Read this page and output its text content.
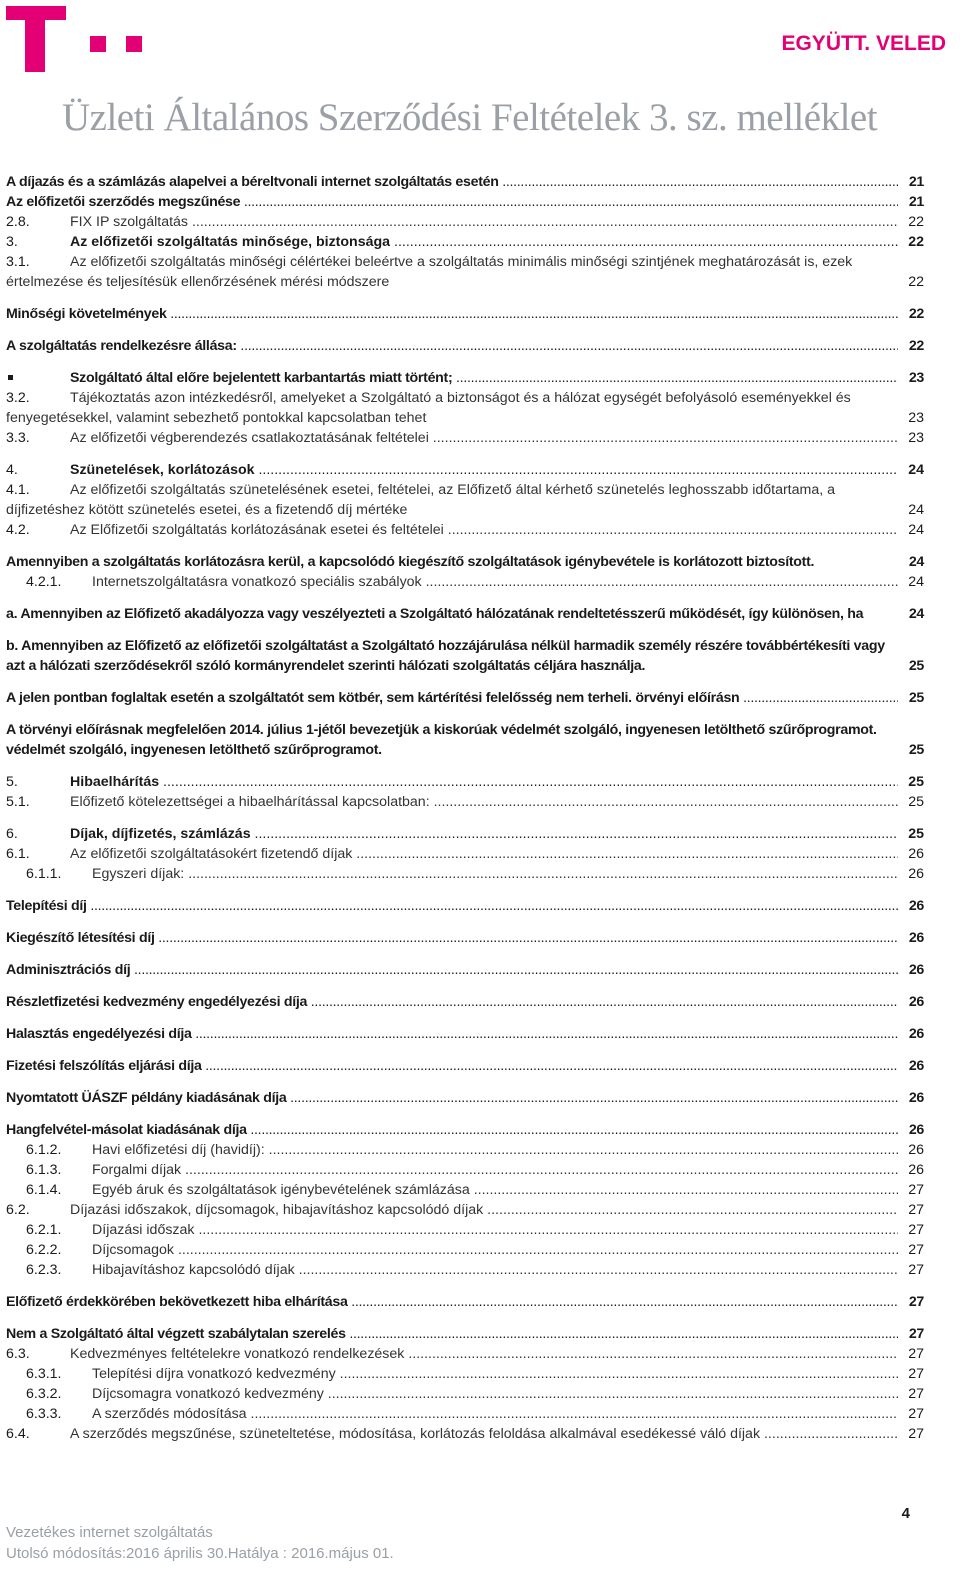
EGYÜTT. VELED
Üzleti Általános Szerződési Feltételek 3. sz. melléklet
A díjazás és a számlázás alapelvei a béreltvonali internet szolgáltatás esetén .....	21
Az előfizetői szerződés megszűnése .....	21
2.8.	FIX IP szolgáltatás .....	22
3.	Az előfizetői szolgáltatás minősége, biztonsága .....	22
3.1.	Az előfizetői szolgáltatás minőségi célértékei beleértve a szolgáltatás minimális minőségi szintjének meghatározását is, ezek értelmezése és teljesítésük ellenőrzésének mérési módszere	22
Minőségi követelmények .....	22
A szolgáltatás rendelkezésre állása: .....	22
Szolgáltató által előre bejelentett karbantartás miatt történt; .....	23
3.2.	Tájékoztatás azon intézkedésről, amelyeket a Szolgáltató a biztonságot és a hálózat egységét befolyásoló eseményekkel és fenyegetésekkel, valamint sebezhető pontokkal kapcsolatban tehet	23
3.3.	Az előfizetői végberendezés csatlakoztatásának feltételei .....	23
4.	Szünetelések, korlátozások .....	24
4.1.	Az előfizetői szolgáltatás szünetelésének esetei, feltételei, az Előfizető által kérhető szünetelés leghosszabb időtartama, a díjfizetéshez kötött szünetelés esetei, és a fizetendő díj mértéke	24
4.2.	Az Előfizetői szolgáltatás korlátozásának esetei és feltételei .....	24
Amennyiben a szolgáltatás korlátozásra kerül, a kapcsolódó kiegészítő szolgáltatások igénybevétele is korlátozott biztosított.	24
4.2.1. Internetszolgáltatásra vonatkozó speciális szabályok .....	24
a. Amennyiben az Előfizető akadályozza vagy veszélyezteti a Szolgáltató hálózatának rendeltetésszerű működését, így különösen, ha	24
b. Amennyiben az Előfizető az előfizetői szolgáltatást a Szolgáltató hozzájárulása nélkül harmadik személy részére továbbértékesíti vagy azt a hálózati szerződésekről szóló kormányrendelet szerinti hálózati szolgáltatás céljára használja.	25
A jelen pontban foglaltak esetén a szolgáltatót sem kötbér, sem kártérítési felelősség nem terheli. örvényi előírásn .....	25
A törvényi előírásnak megfelelően 2014. július 1-jétől bevezetjük a kiskorúak védelmét szolgáló, ingyenesen letölthető szűrőprogramot. védelmét szolgáló, ingyenesen letölthető szűrőprogramot.	25
5.	Hibaelhárítás .....	25
5.1.	Előfizető kötelezettségei a hibaelhárítással kapcsolatban: .....	25
6.	Díjak, díjfizetés, számlázás .....	25
6.1.	Az előfizetői szolgáltatásokért fizetendő díjak .....	26
6.1.1. Egyszeri díjak: .....	26
Telepítési díj .....	26
Kiegészítő létesítési díj .....	26
Adminisztrációs díj .....	26
Részletfizetési kedvezmény engedélyezési díja .....	26
Halasztás engedélyezési díja .....	26
Fizetési felszólítás eljárási díja .....	26
Nyomtatott ÜÁSZF példány kiadásának díja .....	26
Hangfelvétel-másolat kiadásának díja .....	26
6.1.2. Havi előfizetési díj (havidíj): .....	26
6.1.3. Forgalmi díjak .....	26
6.1.4. Egyéb áruk és szolgáltatások igénybevételének számlázása .....	27
6.2.	Díjazási időszakok, díjcsomagok, hibajavításhoz kapcsolódó díjak .....	27
6.2.1. Díjazási időszak .....	27
6.2.2. Díjcsomagok .....	27
6.2.3. Hibajavításhoz kapcsolódó díjak .....	27
Előfizető érdekkörében bekövetkezett hiba elhárítása .....	27
Nem a Szolgáltató által végzett szabálytalan szerelés .....	27
6.3.	Kedvezményes feltételekre vonatkozó rendelkezések .....	27
6.3.1. Telepítési díjra vonatkozó kedvezmény .....	27
6.3.2. Díjcsomagra vonatkozó kedvezmény .....	27
6.3.3. A szerződés módosítása .....	27
6.4.	A szerződés megszűnése, szüneteltetése, módosítása, korlátozás feloldása alkalmával esedékessé váló díjak .....	27
4
Vezetékes internet szolgáltatás
Utolsó módosítás:2016 április 30.Hatálya : 2016.május 01.
